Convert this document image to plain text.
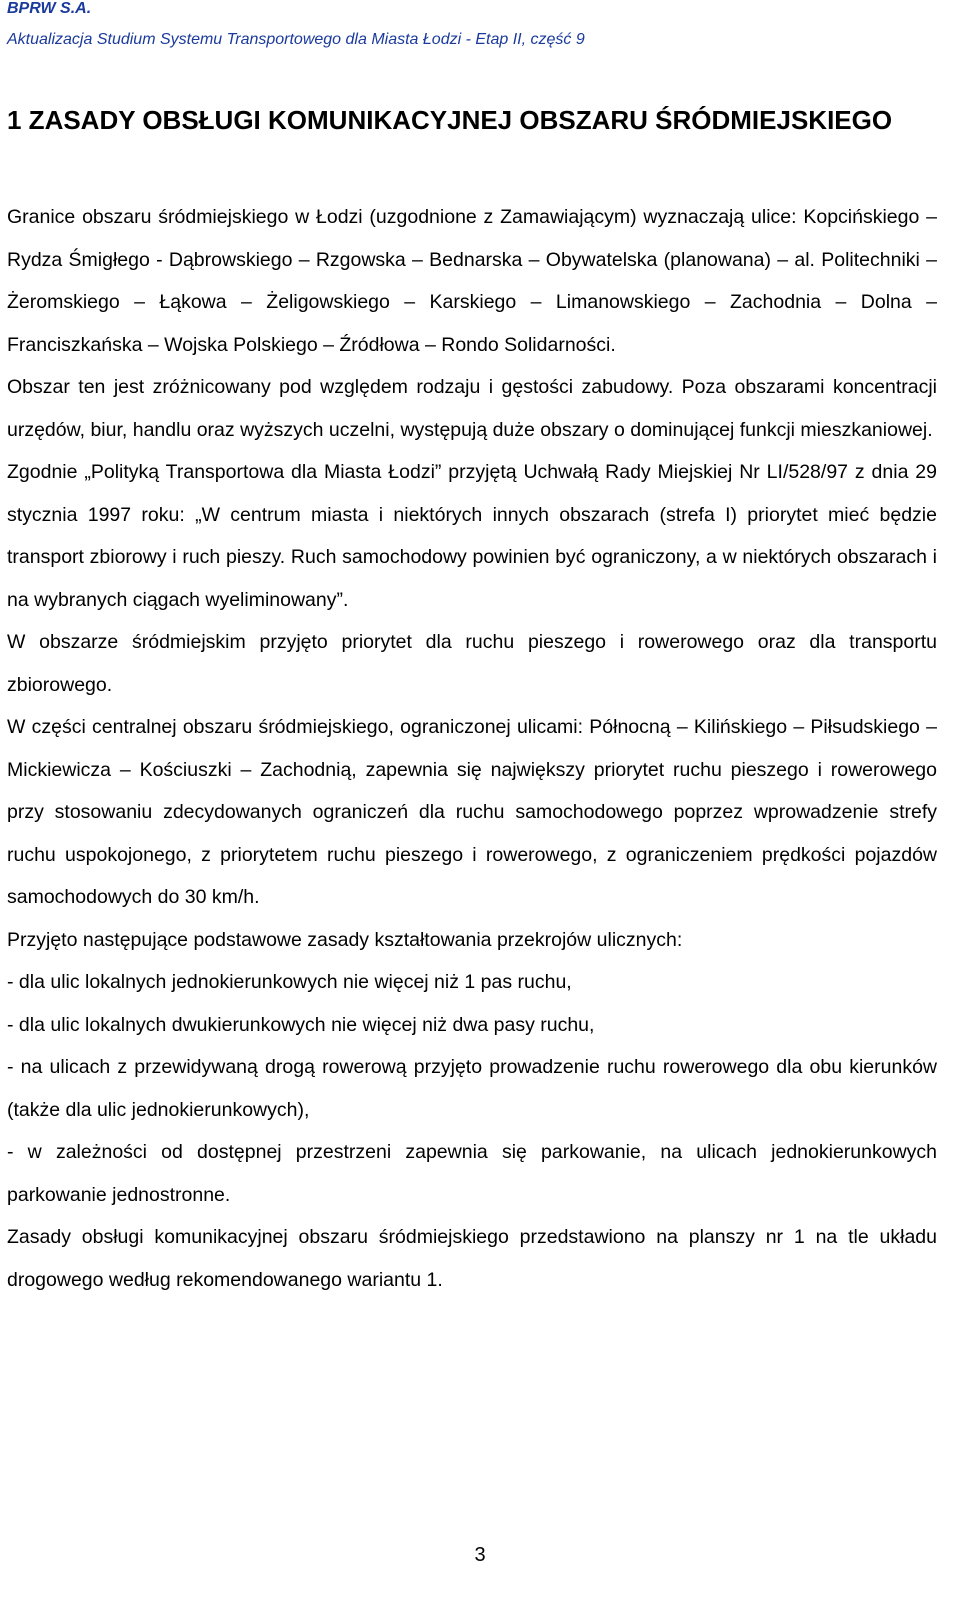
BPRW S.A.
Aktualizacja Studium Systemu Transportowego dla Miasta Łodzi - Etap II, część 9
1 ZASADY OBSŁUGI KOMUNIKACYJNEJ OBSZARU ŚRÓDMIEJSKIEGO

Granice obszaru śródmiejskiego w Łodzi (uzgodnione z Zamawiającym) wyznaczają ulice: Kopcińskiego – Rydza Śmigłego - Dąbrowskiego – Rzgowska – Bednarska – Obywatelska (planowana) – al. Politechniki – Żeromskiego – Łąkowa – Żeligowskiego – Karskiego – Limanowskiego – Zachodnia – Dolna – Franciszkańska – Wojska Polskiego – Źródłowa – Rondo Solidarności.

Obszar ten jest zróżnicowany pod względem rodzaju i gęstości zabudowy. Poza obszarami koncentracji urzędów, biur, handlu oraz wyższych uczelni, występują duże obszary o dominującej funkcji mieszkaniowej.

Zgodnie „Polityką Transportowa dla Miasta Łodzi” przyjętą Uchwałą Rady Miejskiej Nr LI/528/97 z dnia 29 stycznia 1997 roku: „W centrum miasta i niektórych innych obszarach (strefa I) priorytet mieć będzie transport zbiorowy i ruch pieszy. Ruch samochodowy powinien być ograniczony, a w niektórych obszarach i na wybranych ciągach wyeliminowany”.

W obszarze śródmiejskim przyjęto priorytet dla ruchu pieszego i rowerowego oraz dla transportu zbiorowego.

W części centralnej obszaru śródmiejskiego, ograniczonej ulicami: Północną – Kilińskiego – Piłsudskiego – Mickiewicza – Kościuszki – Zachodnią, zapewnia się największy priorytet ruchu pieszego i rowerowego przy stosowaniu zdecydowanych ograniczeń dla ruchu samochodowego poprzez wprowadzenie strefy ruchu uspokojonego, z priorytetem ruchu pieszego i rowerowego, z ograniczeniem prędkości pojazdów samochodowych do 30 km/h.

Przyjęto następujące podstawowe zasady kształtowania przekrojów ulicznych:

- dla ulic lokalnych jednokierunkowych nie więcej niż 1 pas ruchu,

- dla ulic lokalnych dwukierunkowych nie więcej niż dwa pasy ruchu,

- na ulicach z przewidywaną drogą rowerową przyjęto prowadzenie ruchu rowerowego dla obu kierunków (także dla ulic jednokierunkowych),

- w zależności od dostępnej przestrzeni zapewnia się parkowanie, na ulicach jednokierunkowych parkowanie jednostronne.

Zasady obsługi komunikacyjnej obszaru śródmiejskiego przedstawiono na planszy nr 1 na tle układu drogowego według rekomendowanego wariantu 1.

3
